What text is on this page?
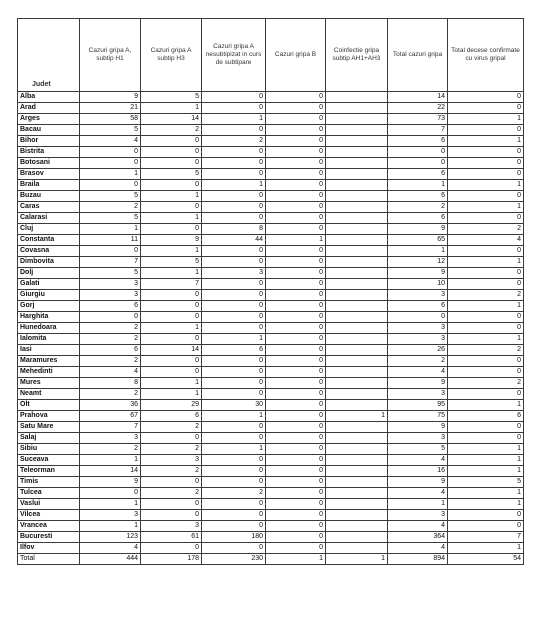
Judet	Cazuri gripa A, subtip H1	Cazuri gripa A subtip H3	Cazuri gripa A nesubtipizat in curs de subtipare	Cazuri gripa B	Coinfectie gripa subtip AH1+AH3	Total cazuri gripa	Total decese confirmate cu virus gripal
Alba	9	5	0	0		14	0
Arad	21	1	0	0		22	0
Arges	58	14	1	0		73	1
Bacau	5	2	0	0		7	0
Bihor	4	0	2	0		6	1
Bistrita	0	0	0	0		0	0
Botosani	0	0	0	0		0	0
Brasov	1	5	0	0		6	0
Braila	0	0	1	0		1	1
Buzau	5	1	0	0		6	0
Caras	2	0	0	0		2	1
Calarasi	5	1	0	0		6	0
Cluj	1	0	8	0		9	2
Constanta	11	9	44	1		65	4
Covasna	0	1	0	0		1	0
Dimbovita	7	5	0	0		12	1
Dolj	5	1	3	0		9	0
Galati	3	7	0	0		10	0
Giurgiu	3	0	0	0		3	2
Gorj	6	0	0	0		6	1
Harghita	0	0	0	0		0	0
Hunedoara	2	1	0	0		3	0
Ialomita	2	0	1	0		3	1
Iasi	6	14	6	0		26	2
Maramures	2	0	0	0		2	0
Mehedinti	4	0	0	0		4	0
Mures	8	1	0	0		9	2
Neamt	2	1	0	0		3	0
Olt	36	29	30	0		95	1
Prahova	67	6	1	0	1	75	6
Satu Mare	7	2	0	0		9	0
Salaj	3	0	0	0		3	0
Sibiu	2	2	1	0		5	1
Suceava	1	3	0	0		4	1
Teleorman	14	2	0	0		16	1
Timis	9	0	0	0		9	5
Tulcea	0	2	2	0		4	1
Vaslui	1	0	0	0		1	1
Vilcea	3	0	0	0		3	0
Vrancea	1	3	0	0		4	0
Bucuresti	123	61	180	0		364	7
Ilfov	4	0	0	0		4	1
Total	444	178	230	1	1	894	54
